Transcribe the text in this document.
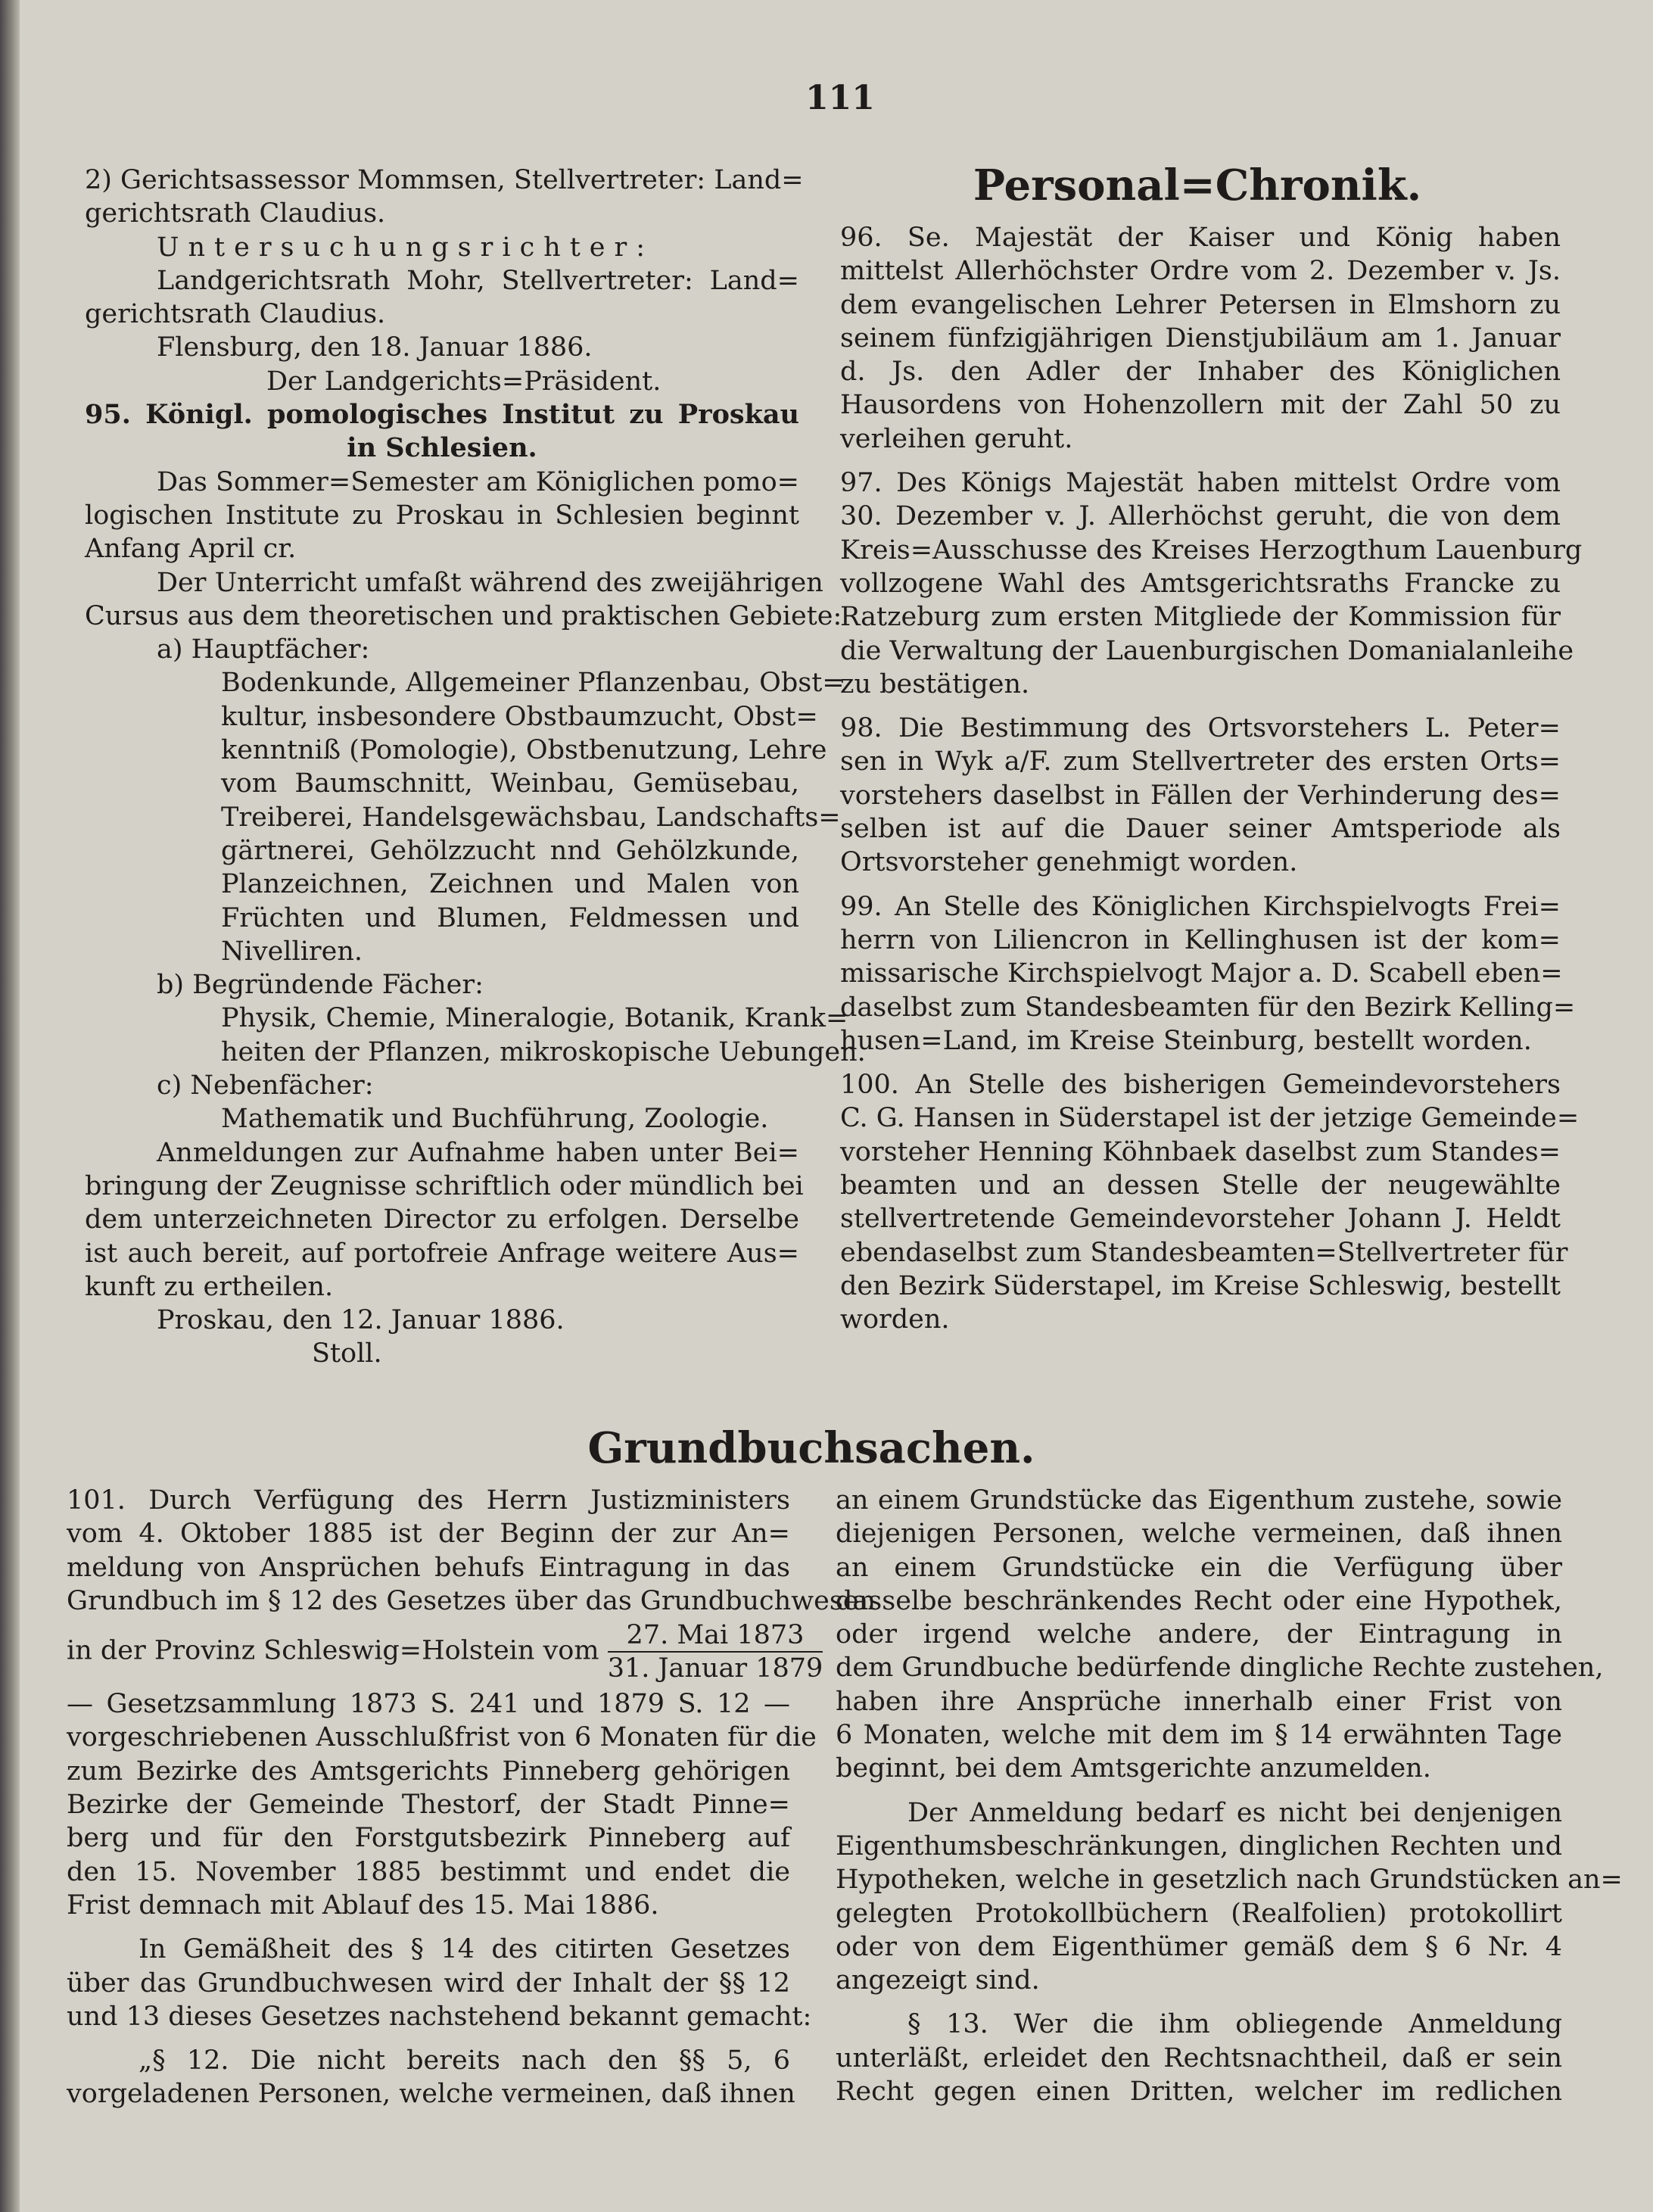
111

2) Gerichtsassessor Mommsen, Stellvertreter: Land=

gerichtsrath Claudius.

Untersuchungsrichter:

Landgerichtsrath Mohr, Stellvertreter: Land=

gerichtsrath Claudius.

Flensburg, den 18. Januar 1886.

Der Landgerichts=Präsident.

95. Königl. pomologisches Institut zu Proskau

in Schlesien.

Das Sommer=Semester am Königlichen pomo=

logischen Institute zu Proskau in Schlesien beginnt

Anfang April cr.

Der Unterricht umfaßt während des zweijährigen

Cursus aus dem theoretischen und praktischen Gebiete:

a) Hauptfächer:

Bodenkunde, Allgemeiner Pflanzenbau, Obst=

kultur, insbesondere Obstbaumzucht, Obst=

kenntniß (Pomologie), Obstbenutzung, Lehre

vom Baumschnitt, Weinbau, Gemüsebau,

Treiberei, Handelsgewächsbau, Landschafts=

gärtnerei, Gehölzzucht nnd Gehölzkunde,

Planzeichnen, Zeichnen und Malen von

Früchten und Blumen, Feldmessen und

Nivelliren.

b) Begründende Fächer:

Physik, Chemie, Mineralogie, Botanik, Krank=

heiten der Pflanzen, mikroskopische Uebungen.

c) Nebenfächer:

Mathematik und Buchführung, Zoologie.

Anmeldungen zur Aufnahme haben unter Bei=

bringung der Zeugnisse schriftlich oder mündlich bei

dem unterzeichneten Director zu erfolgen. Derselbe

ist auch bereit, auf portofreie Anfrage weitere Aus=

kunft zu ertheilen.

Proskau, den 12. Januar 1886.

Stoll.

Personal=Chronik.

96. Se. Majestät der Kaiser und König haben

mittelst Allerhöchster Ordre vom 2. Dezember v. Js.

dem evangelischen Lehrer Petersen in Elmshorn zu

seinem fünfzigjährigen Dienstjubiläum am 1. Januar

d. Js. den Adler der Inhaber des Königlichen

Hausordens von Hohenzollern mit der Zahl 50 zu

verleihen geruht.

97. Des Königs Majestät haben mittelst Ordre vom

30. Dezember v. J. Allerhöchst geruht, die von dem

Kreis=Ausschusse des Kreises Herzogthum Lauenburg

vollzogene Wahl des Amtsgerichtsraths Francke zu

Ratzeburg zum ersten Mitgliede der Kommission für

die Verwaltung der Lauenburgischen Domanialanleihe

zu bestätigen.

98. Die Bestimmung des Ortsvorstehers L. Peter=

sen in Wyk a/F. zum Stellvertreter des ersten Orts=

vorstehers daselbst in Fällen der Verhinderung des=

selben ist auf die Dauer seiner Amtsperiode als

Ortsvorsteher genehmigt worden.

99. An Stelle des Königlichen Kirchspielvogts Frei=

herrn von Liliencron in Kellinghusen ist der kom=

missarische Kirchspielvogt Major a. D. Scabell eben=

daselbst zum Standesbeamten für den Bezirk Kelling=

husen=Land, im Kreise Steinburg, bestellt worden.

100. An Stelle des bisherigen Gemeindevorstehers

C. G. Hansen in Süderstapel ist der jetzige Gemeinde=

vorsteher Henning Köhnbaek daselbst zum Standes=

beamten und an dessen Stelle der neugewählte

stellvertretende Gemeindevorsteher Johann J. Heldt

ebendaselbst zum Standesbeamten=Stellvertreter für

den Bezirk Süderstapel, im Kreise Schleswig, bestellt

worden.

Grundbuchsachen.

101. Durch Verfügung des Herrn Justizministers

vom 4. Oktober 1885 ist der Beginn der zur An=

meldung von Ansprüchen behufs Eintragung in das

Grundbuch im § 12 des Gesetzes über das Grundbuchwesen

in der Provinz Schleswig=Holstein vom $\frac{\text{27. Mai 1873}}{\text{31. Januar 1879}}$

— Gesetzsammlung 1873 S. 241 und 1879 S. 12 —

vorgeschriebenen Ausschlußfrist von 6 Monaten für die

zum Bezirke des Amtsgerichts Pinneberg gehörigen

Bezirke der Gemeinde Thestorf, der Stadt Pinne=

berg und für den Forstgutsbezirk Pinneberg auf

den 15. November 1885 bestimmt und endet die

Frist demnach mit Ablauf des 15. Mai 1886.

In Gemäßheit des § 14 des citirten Gesetzes

über das Grundbuchwesen wird der Inhalt der §§ 12

und 13 dieses Gesetzes nachstehend bekannt gemacht:

„§ 12. Die nicht bereits nach den §§ 5, 6

vorgeladenen Personen, welche vermeinen, daß ihnen

an einem Grundstücke das Eigenthum zustehe, sowie

diejenigen Personen, welche vermeinen, daß ihnen

an einem Grundstücke ein die Verfügung über

dasselbe beschränkendes Recht oder eine Hypothek,

oder irgend welche andere, der Eintragung in

dem Grundbuche bedürfende dingliche Rechte zustehen,

haben ihre Ansprüche innerhalb einer Frist von

6 Monaten, welche mit dem im § 14 erwähnten Tage

beginnt, bei dem Amtsgerichte anzumelden.

Der Anmeldung bedarf es nicht bei denjenigen

Eigenthumsbeschränkungen, dinglichen Rechten und

Hypotheken, welche in gesetzlich nach Grundstücken an=

gelegten Protokollbüchern (Realfolien) protokollirt

oder von dem Eigenthümer gemäß dem § 6 Nr. 4

angezeigt sind.

§ 13. Wer die ihm obliegende Anmeldung

unterläßt, erleidet den Rechtsnachtheil, daß er sein

Recht gegen einen Dritten, welcher im redlichen
